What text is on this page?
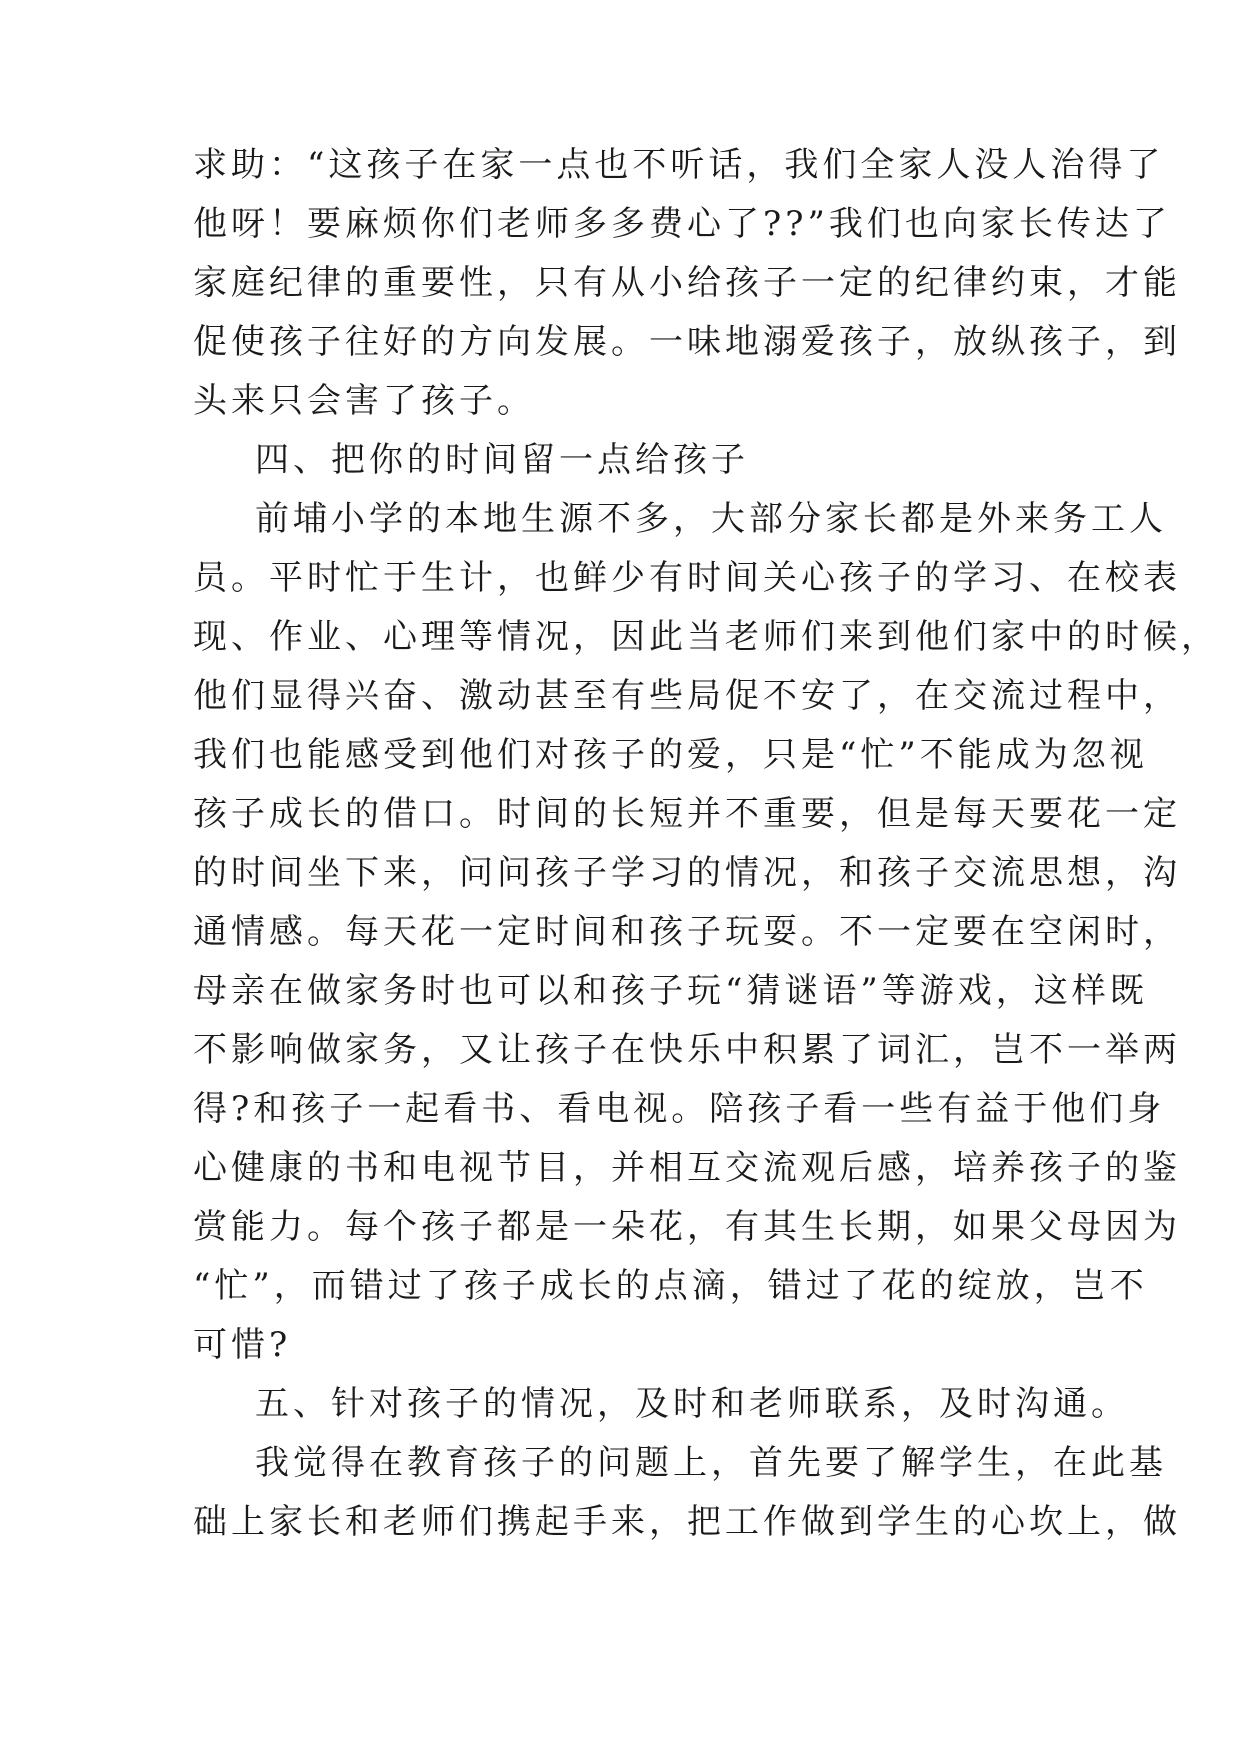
求助：“这孩子在家一点也不听话，我们全家人没人治得了
他呀！要麻烦你们老师多多费心了??”我们也向家长传达了
家庭纪律的重要性，只有从小给孩子一定的纪律约束，才能
促使孩子往好的方向发展。一味地溺爱孩子，放纵孩子，到
头来只会害了孩子。
四、把你的时间留一点给孩子
前埔小学的本地生源不多，大部分家长都是外来务工人
员。平时忙于生计，也鲜少有时间关心孩子的学习、在校表
现、作业、心理等情况，因此当老师们来到他们家中的时候，
他们显得兴奋、激动甚至有些局促不安了，在交流过程中，
我们也能感受到他们对孩子的爱，只是“忙”不能成为忽视
孩子成长的借口。时间的长短并不重要，但是每天要花一定
的时间坐下来，问问孩子学习的情况，和孩子交流思想，沟
通情感。每天花一定时间和孩子玩耍。不一定要在空闲时，
母亲在做家务时也可以和孩子玩“猜谜语”等游戏，这样既
不影响做家务，又让孩子在快乐中积累了词汇，岂不一举两
得?和孩子一起看书、看电视。陪孩子看一些有益于他们身
心健康的书和电视节目，并相互交流观后感，培养孩子的鉴
赏能力。每个孩子都是一朵花，有其生长期，如果父母因为
“忙”，而错过了孩子成长的点滴，错过了花的绽放，岂不
可惜?
五、针对孩子的情况，及时和老师联系，及时沟通。
我觉得在教育孩子的问题上，首先要了解学生，在此基
础上家长和老师们携起手来，把工作做到学生的心坎上，做
